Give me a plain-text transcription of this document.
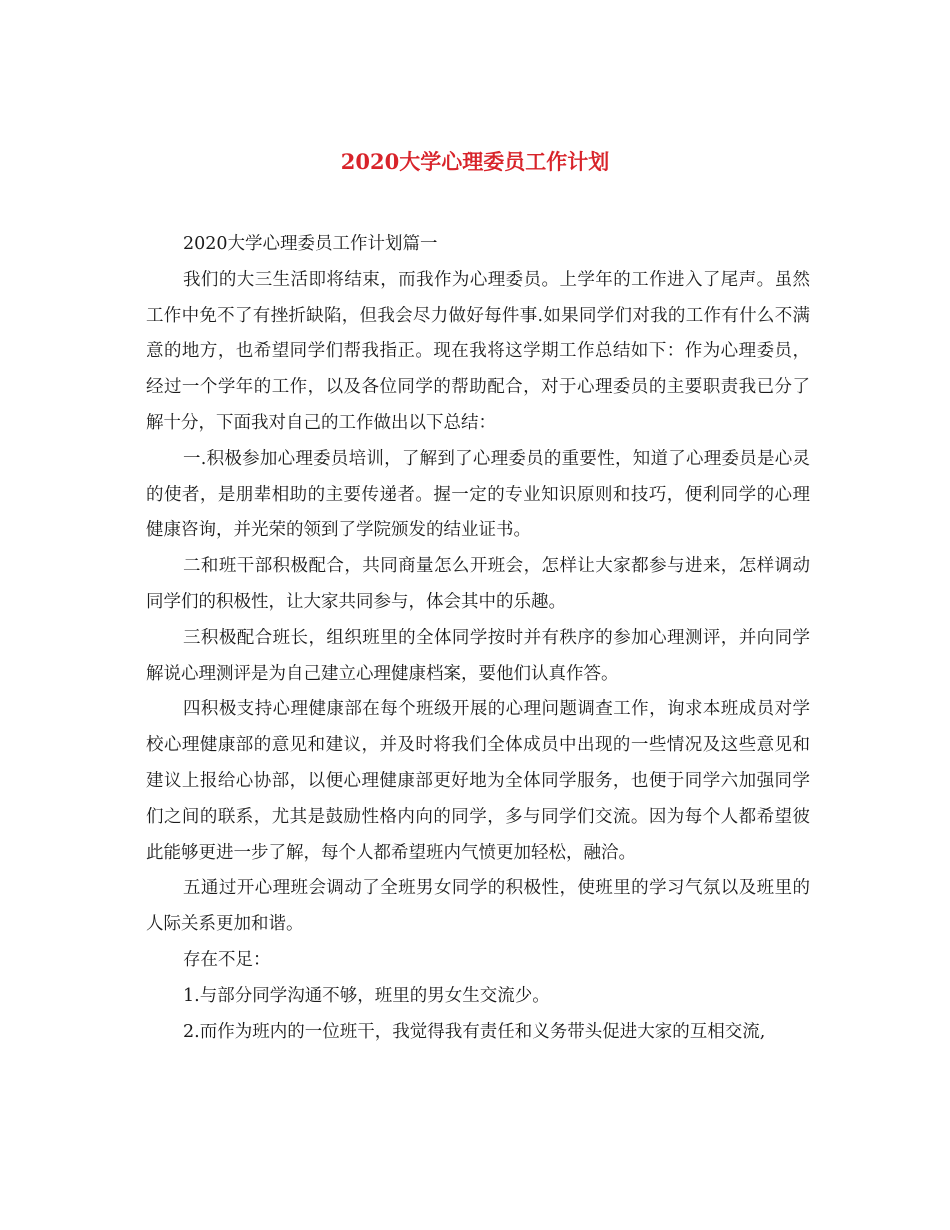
2020大学心理委员工作计划

2020大学心理委员工作计划篇一

我们的大三生活即将结束，而我作为心理委员。上学年的工作进入了尾声。虽然工作中免不了有挫折缺陷，但我会尽力做好每件事.如果同学们对我的工作有什么不满意的地方，也希望同学们帮我指正。现在我将这学期工作总结如下：作为心理委员，经过一个学年的工作，以及各位同学的帮助配合，对于心理委员的主要职责我已分了解十分，下面我对自己的工作做出以下总结：

一.积极参加心理委员培训，了解到了心理委员的重要性，知道了心理委员是心灵的使者，是朋辈相助的主要传递者。握一定的专业知识原则和技巧，便利同学的心理健康咨询，并光荣的领到了学院颁发的结业证书。

二和班干部积极配合，共同商量怎么开班会，怎样让大家都参与进来，怎样调动同学们的积极性，让大家共同参与，体会其中的乐趣。

三积极配合班长，组织班里的全体同学按时并有秩序的参加心理测评，并向同学解说心理测评是为自己建立心理健康档案，要他们认真作答。

四积极支持心理健康部在每个班级开展的心理问题调查工作，询求本班成员对学校心理健康部的意见和建议，并及时将我们全体成员中出现的一些情况及这些意见和建议上报给心协部，以便心理健康部更好地为全体同学服务，也便于同学六加强同学们之间的联系，尤其是鼓励性格内向的同学，多与同学们交流。因为每个人都希望彼此能够更进一步了解，每个人都希望班内气愤更加轻松，融洽。

五通过开心理班会调动了全班男女同学的积极性，使班里的学习气氛以及班里的人际关系更加和谐。

存在不足：

1.与部分同学沟通不够，班里的男女生交流少。

2.而作为班内的一位班干，我觉得我有责任和义务带头促进大家的互相交流,
